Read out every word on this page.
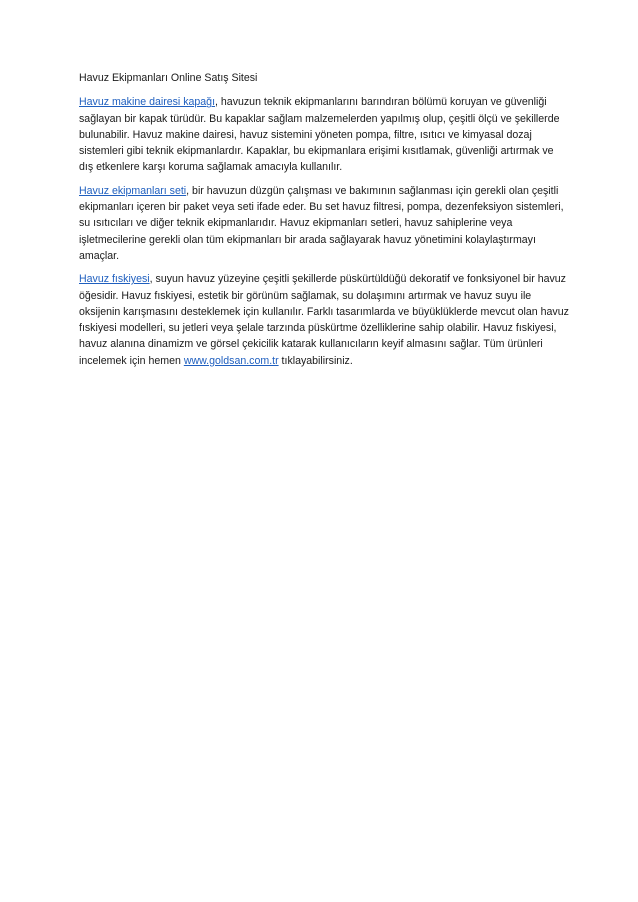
Havuz Ekipmanları Online Satış Sitesi

Havuz makine dairesi kapağı, havuzun teknik ekipmanlarını barındıran bölümü koruyan ve güvenliği sağlayan bir kapak türüdür. Bu kapaklar sağlam malzemelerden yapılmış olup, çeşitli ölçü ve şekillerde bulunabilir. Havuz makine dairesi, havuz sistemini yöneten pompa, filtre, ısıtıcı ve kimyasal dozaj sistemleri gibi teknik ekipmanlardır. Kapaklar, bu ekipmanlara erişimi kısıtlamak, güvenliği artırmak ve dış etkenlere karşı koruma sağlamak amacıyla kullanılır.

Havuz ekipmanları seti, bir havuzun düzgün çalışması ve bakımının sağlanması için gerekli olan çeşitli ekipmanları içeren bir paket veya seti ifade eder. Bu set havuz filtresi, pompa, dezenfeksiyon sistemleri, su ısıtıcıları ve diğer teknik ekipmanlarıdır. Havuz ekipmanları setleri, havuz sahiplerine veya işletmecilerine gerekli olan tüm ekipmanları bir arada sağlayarak havuz yönetimini kolaylaştırmayı amaçlar.

Havuz fıskiyesi, suyun havuz yüzeyine çeşitli şekillerde püskürtüldüğü dekoratif ve fonksiyonel bir havuz öğesidir. Havuz fıskiyesi, estetik bir görünüm sağlamak, su dolaşımını artırmak ve havuz suyu ile oksijenin karışmasını desteklemek için kullanılır. Farklı tasarımlarda ve büyüklüklerde mevcut olan havuz fıskiyesi modelleri, su jetleri veya şelale tarzında püskürtme özelliklerine sahip olabilir. Havuz fıskiyesi, havuz alanına dinamizm ve görsel çekicilik katarak kullanıcıların keyif almasını sağlar. Tüm ürünleri incelemek için hemen www.goldsan.com.tr tıklayabilirsiniz.
